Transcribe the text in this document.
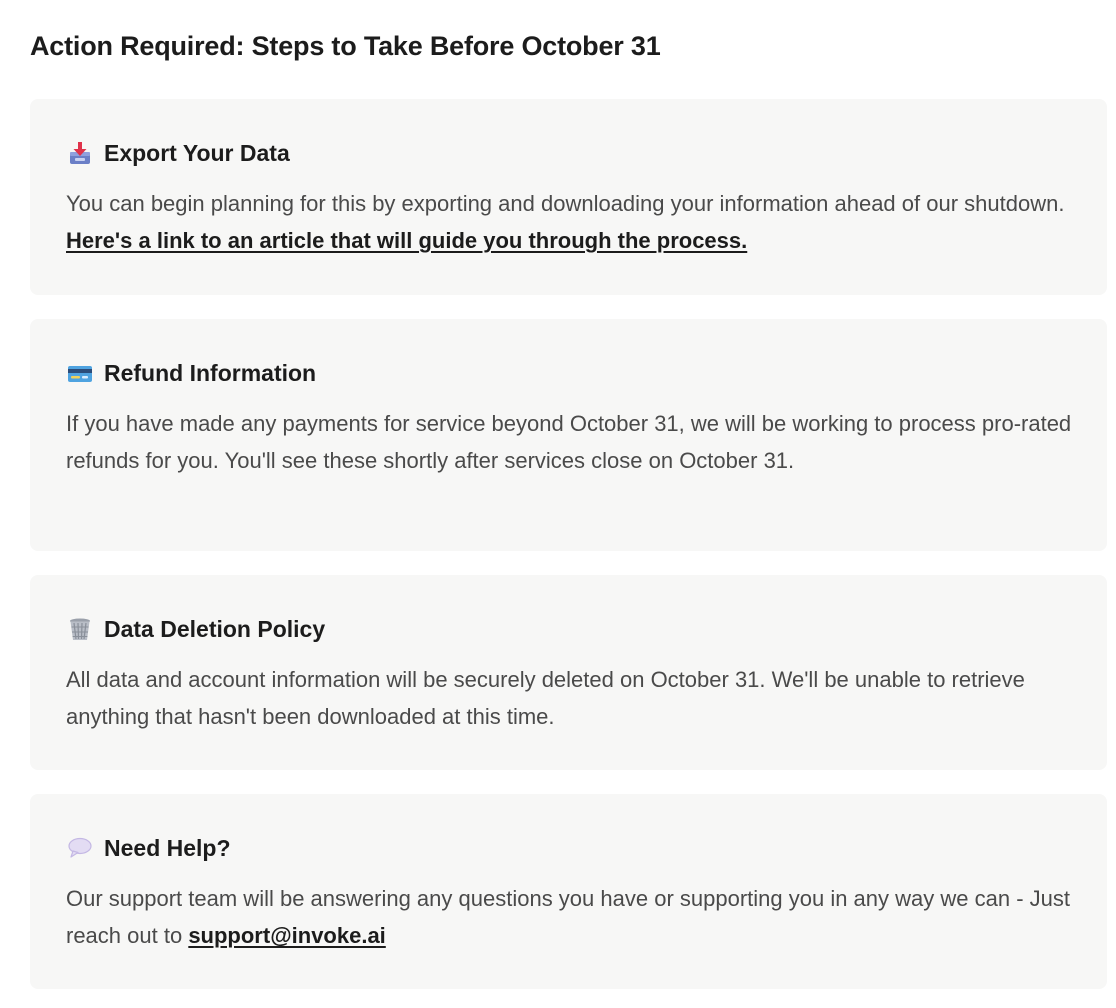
Action Required: Steps to Take Before October 31
Export Your Data

You can begin planning for this by exporting and downloading your information ahead of our shutdown. Here's a link to an article that will guide you through the process.

Refund Information

If you have made any payments for service beyond October 31, we will be working to process pro-rated refunds for you. You'll see these shortly after services close on October 31.

Data Deletion Policy

All data and account information will be securely deleted on October 31. We'll be unable to retrieve anything that hasn't been downloaded at this time.

Need Help?

Our support team will be answering any questions you have or supporting you in any way we can - Just reach out to support@invoke.ai
